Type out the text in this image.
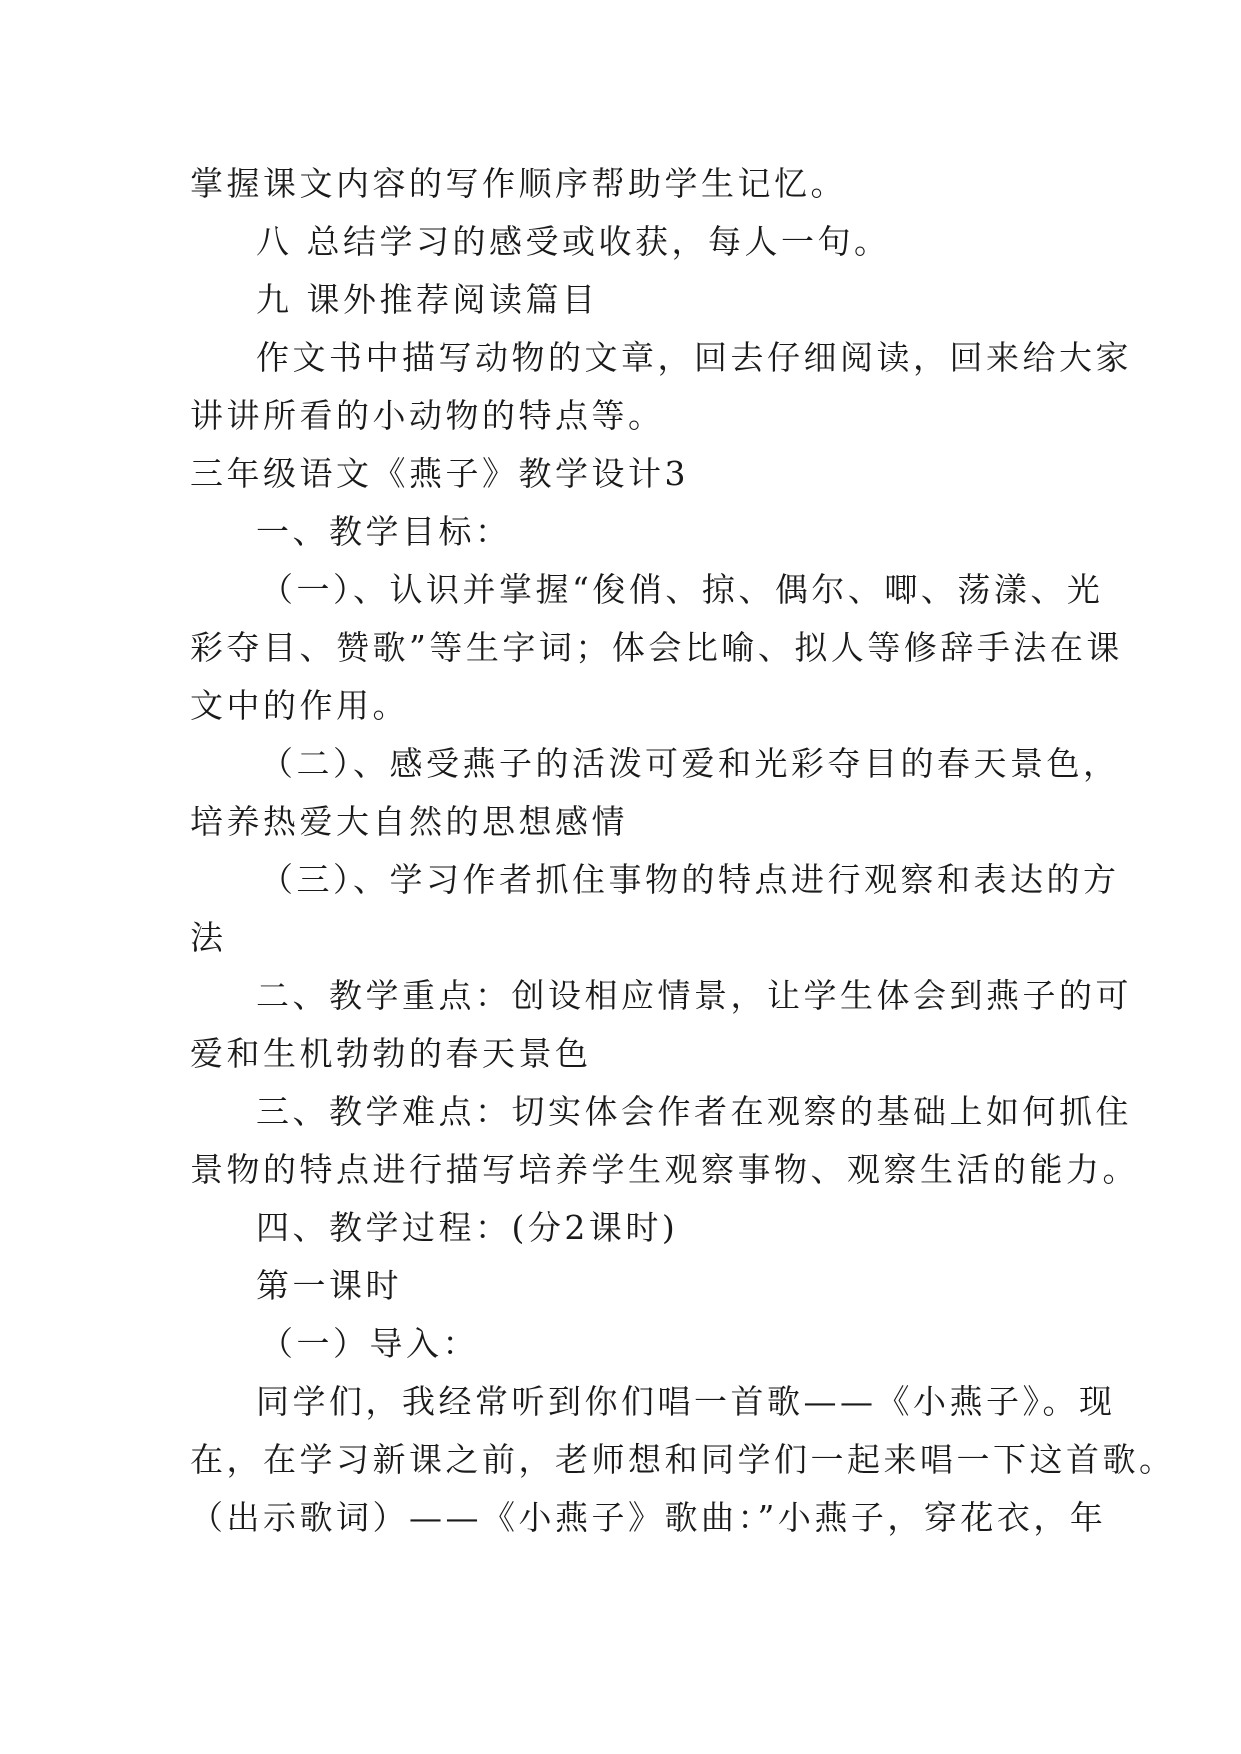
掌握课文内容的写作顺序帮助学生记忆。
八 总结学习的感受或收获，每人一句。
九 课外推荐阅读篇目
作文书中描写动物的文章，回去仔细阅读，回来给大家
讲讲所看的小动物的特点等。
三年级语文《燕子》教学设计3
一、教学目标：
（一）、认识并掌握“俊俏、掠、偶尔、唧、荡漾、光
彩夺目、赞歌”等生字词；体会比喻、拟人等修辞手法在课
文中的作用。
（二）、感受燕子的活泼可爱和光彩夺目的春天景色，
培养热爱大自然的思想感情
（三）、学习作者抓住事物的特点进行观察和表达的方
法
二、教学重点：创设相应情景，让学生体会到燕子的可
爱和生机勃勃的春天景色
三、教学难点：切实体会作者在观察的基础上如何抓住
景物的特点进行描写培养学生观察事物、观察生活的能力。
四、教学过程：(分2课时)
第一课时
（一）导入：
同学们，我经常听到你们唱一首歌——《小燕子》。现
在，在学习新课之前，老师想和同学们一起来唱一下这首歌。
（出示歌词）——《小燕子》歌曲：”小燕子，穿花衣，年
